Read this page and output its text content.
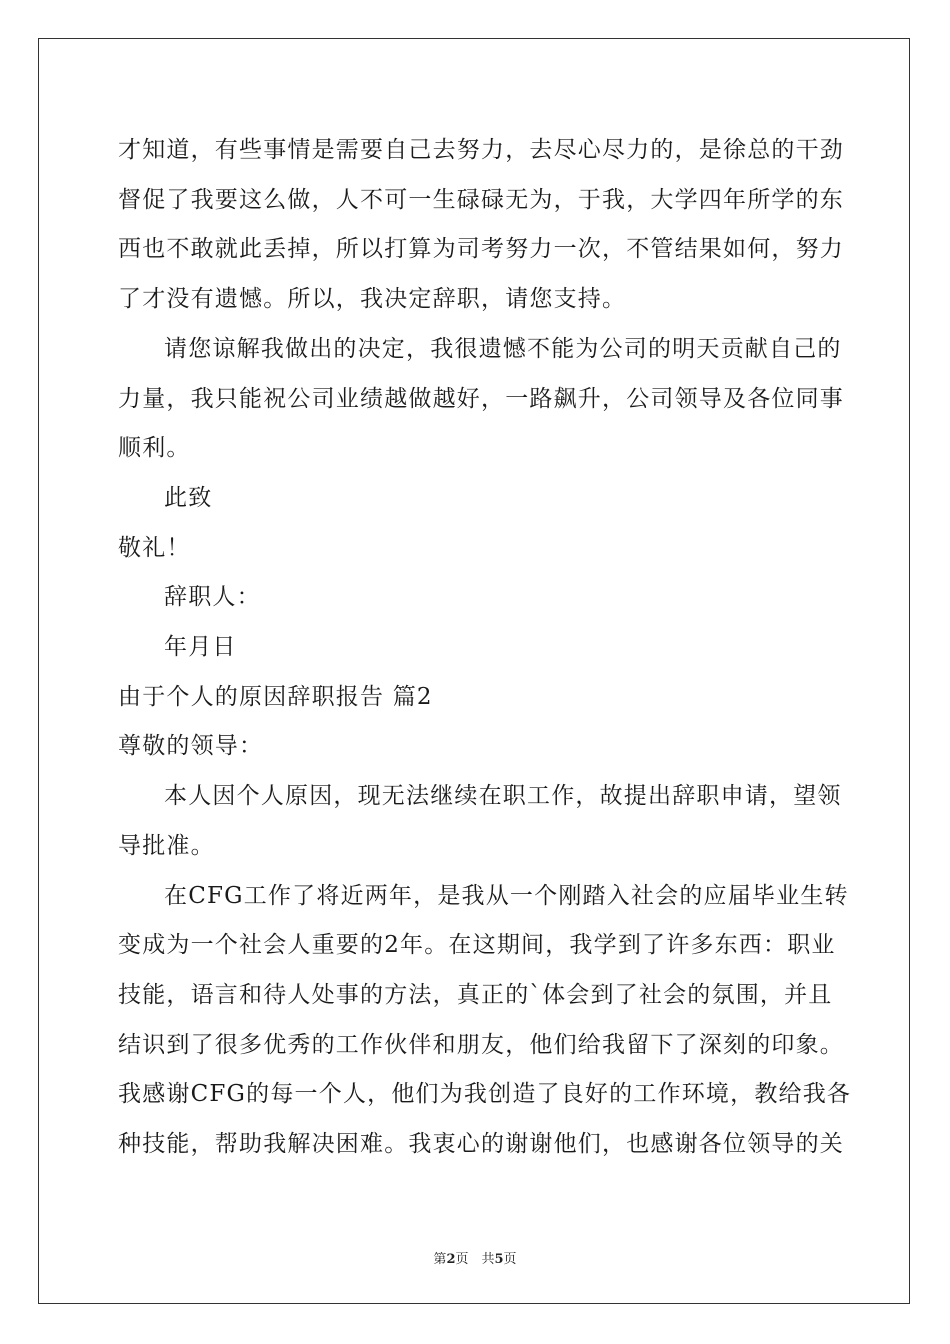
才知道，有些事情是需要自己去努力，去尽心尽力的，是徐总的干劲

督促了我要这么做，人不可一生碌碌无为，于我，大学四年所学的东

西也不敢就此丢掉，所以打算为司考努力一次，不管结果如何，努力

了才没有遗憾。所以，我决定辞职，请您支持。

请您谅解我做出的决定，我很遗憾不能为公司的明天贡献自己的

力量，我只能祝公司业绩越做越好，一路飙升，公司领导及各位同事

顺利。

此致

敬礼！

辞职人：

年月日

由于个人的原因辞职报告 篇2

尊敬的领导：

本人因个人原因，现无法继续在职工作，故提出辞职申请，望领

导批准。

在CFG工作了将近两年，是我从一个刚踏入社会的应届毕业生转

变成为一个社会人重要的2年。在这期间，我学到了许多东西：职业

技能，语言和待人处事的方法，真正的`体会到了社会的氛围，并且

结识到了很多优秀的工作伙伴和朋友，他们给我留下了深刻的印象。

我感谢CFG的每一个人，他们为我创造了良好的工作环境，教给我各

种技能，帮助我解决困难。我衷心的谢谢他们，也感谢各位领导的关

第2页　共5页
